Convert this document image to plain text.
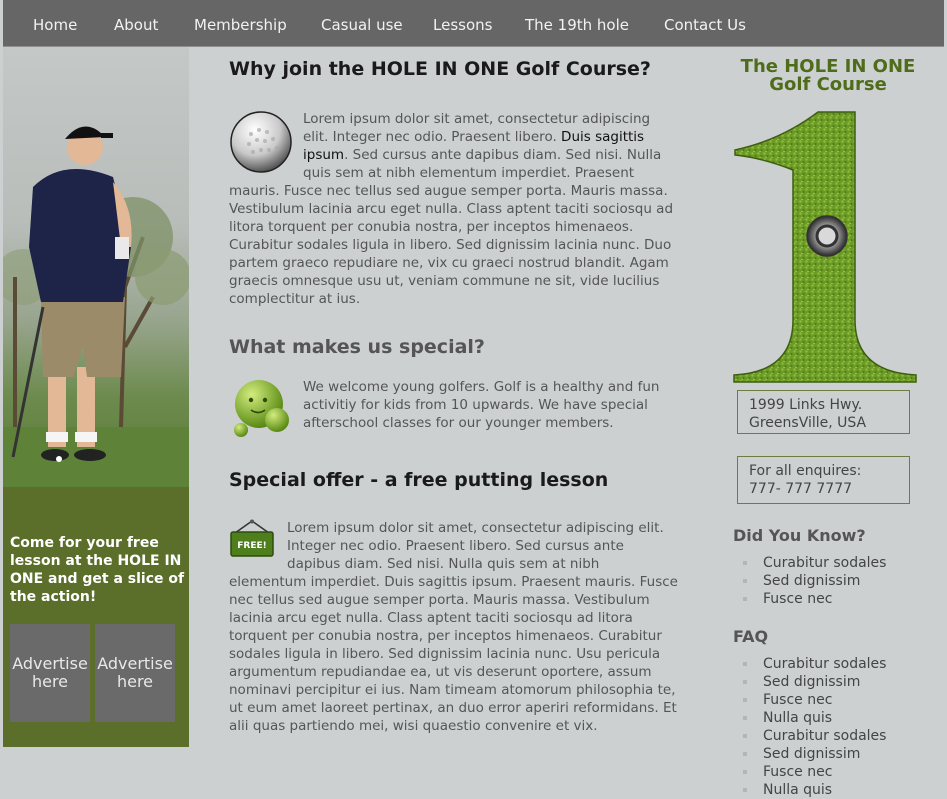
Home About Membership Casual use Lessons The 19th hole Contact Us
Come for your free lesson at the HOLE IN ONE and get a slice of the action!
Advertise here
Advertise here
Why join the HOLE IN ONE Golf Course?

Lorem ipsum dolor sit amet, consectetur adipiscing elit. Integer nec odio. Praesent libero. Duis sagittis ipsum. Sed cursus ante dapibus diam. Sed nisi. Nulla quis sem at nibh elementum imperdiet. Praesent mauris. Fusce nec tellus sed augue semper porta. Mauris massa. Vestibulum lacinia arcu eget nulla. Class aptent taciti sociosqu ad litora torquent per conubia nostra, per inceptos himenaeos. Curabitur sodales ligula in libero. Sed dignissim lacinia nunc. Duo partem graeco repudiare ne, vix cu graeci nostrud blandit. Agam graecis omnesque usu ut, veniam commune ne sit, vide lucilius complectitur at ius.

What makes us special?

We welcome young golfers. Golf is a healthy and fun activitiy for kids from 10 upwards. We have special afterschool classes for our younger members.

Special offer - a free putting lesson

FREE!
Lorem ipsum dolor sit amet, consectetur adipiscing elit. Integer nec odio. Praesent libero. Sed cursus ante dapibus diam. Sed nisi. Nulla quis sem at nibh elementum imperdiet. Duis sagittis ipsum. Praesent mauris. Fusce nec tellus sed augue semper porta. Mauris massa. Vestibulum lacinia arcu eget nulla. Class aptent taciti sociosqu ad litora torquent per conubia nostra, per inceptos himenaeos. Curabitur sodales ligula in libero. Sed dignissim lacinia nunc. Usu pericula argumentum repudiandae ea, ut vis deserunt oportere, assum nominavi percipitur ei ius. Nam timeam atomorum philosophia te, ut eum amet laoreet pertinax, an duo error aperiri reformidans. Et alii quas partiendo mei, wisi quaestio convenire et vix.

The HOLE IN ONE
Golf Course
1999 Links Hwy.
GreensVille, USA
For all enquires:
777- 777 7777
Did You Know?
Curabitur sodales
Sed dignissim
Fusce nec
FAQ
Curabitur sodales
Sed dignissim
Fusce nec
Nulla quis
Curabitur sodales
Sed dignissim
Fusce nec
Nulla quis
